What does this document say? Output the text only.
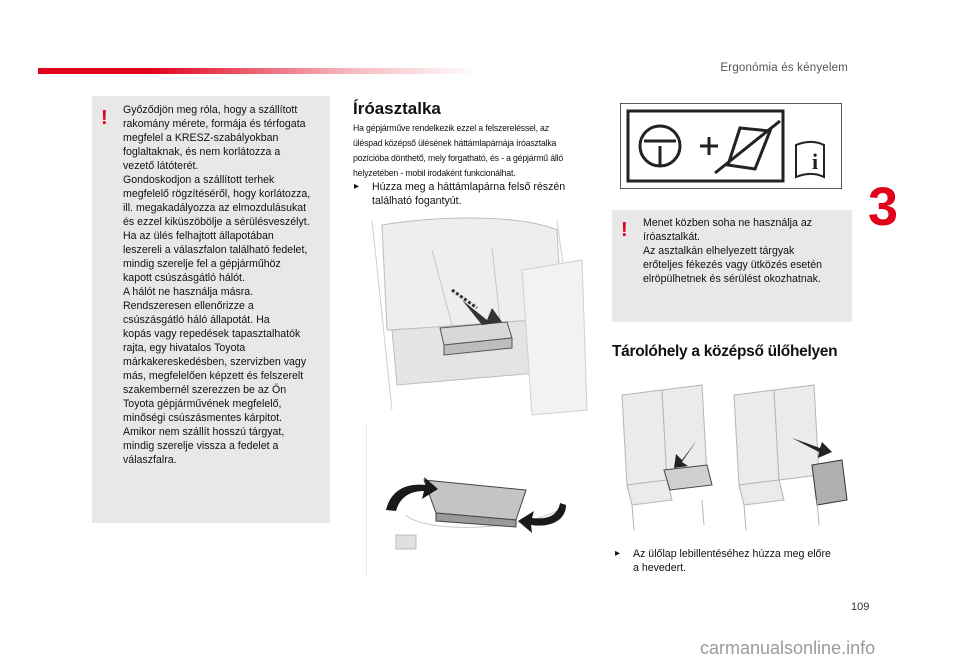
Ergonómia és kényelem
3
109
! Győződjön meg róla, hogy a szállított
rakomány mérete, formája és térfogata
megfelel a KRESZ-szabályokban
foglaltaknak, és nem korlátozza a
vezető látóterét.
Gondoskodjon a szállított terhek
megfelelő rögzítéséről, hogy korlátozza,
ill. megakadályozza az elmozdulásukat
és ezzel kiküszöbölje a sérülésveszélyt.
Ha az ülés felhajtott állapotában
leszereli a válaszfalon található fedelet,
mindig szerelje fel a gépjárműhöz
kapott csúszásgátló hálót.
A hálót ne használja másra.
Rendszeresen ellenőrizze a
csúszásgátló háló állapotát. Ha
kopás vagy repedések tapasztalhatók
rajta, egy hivatalos Toyota
márkakereskedésben, szervizben vagy
más, megfelelően képzett és felszerelt
szakembernél szerezzen be az Ön
Toyota gépjárművének megfelelő,
minőségi csúszásmentes kárpitot.
Amikor nem szállít hosszú tárgyat,
mindig szerelje vissza a fedelet a
válaszfalra.
Íróasztalka
Ha gépjárműve rendelkezik ezzel a felszereléssel, az üléspad középső ülésének háttámlapárnája íróasztalka pozícióba dönthető, mely forgatható, és - a gépjármű álló helyzetében - mobil irodaként funkcionálhat.
▸	Húzza meg a háttámlapárna felső részén található fogantyút.
i
! Menet közben soha ne használja az
íróasztalkát.
Az asztalkán elhelyezett tárgyak
erőteljes fékezés vagy ütközés esetén
elröpülhetnek és sérülést okozhatnak.
Tárolóhely a középső ülőhelyen
▸	Az ülőlap lebillentéséhez húzza meg előre
a hevedert.
carmanualsonline.info
